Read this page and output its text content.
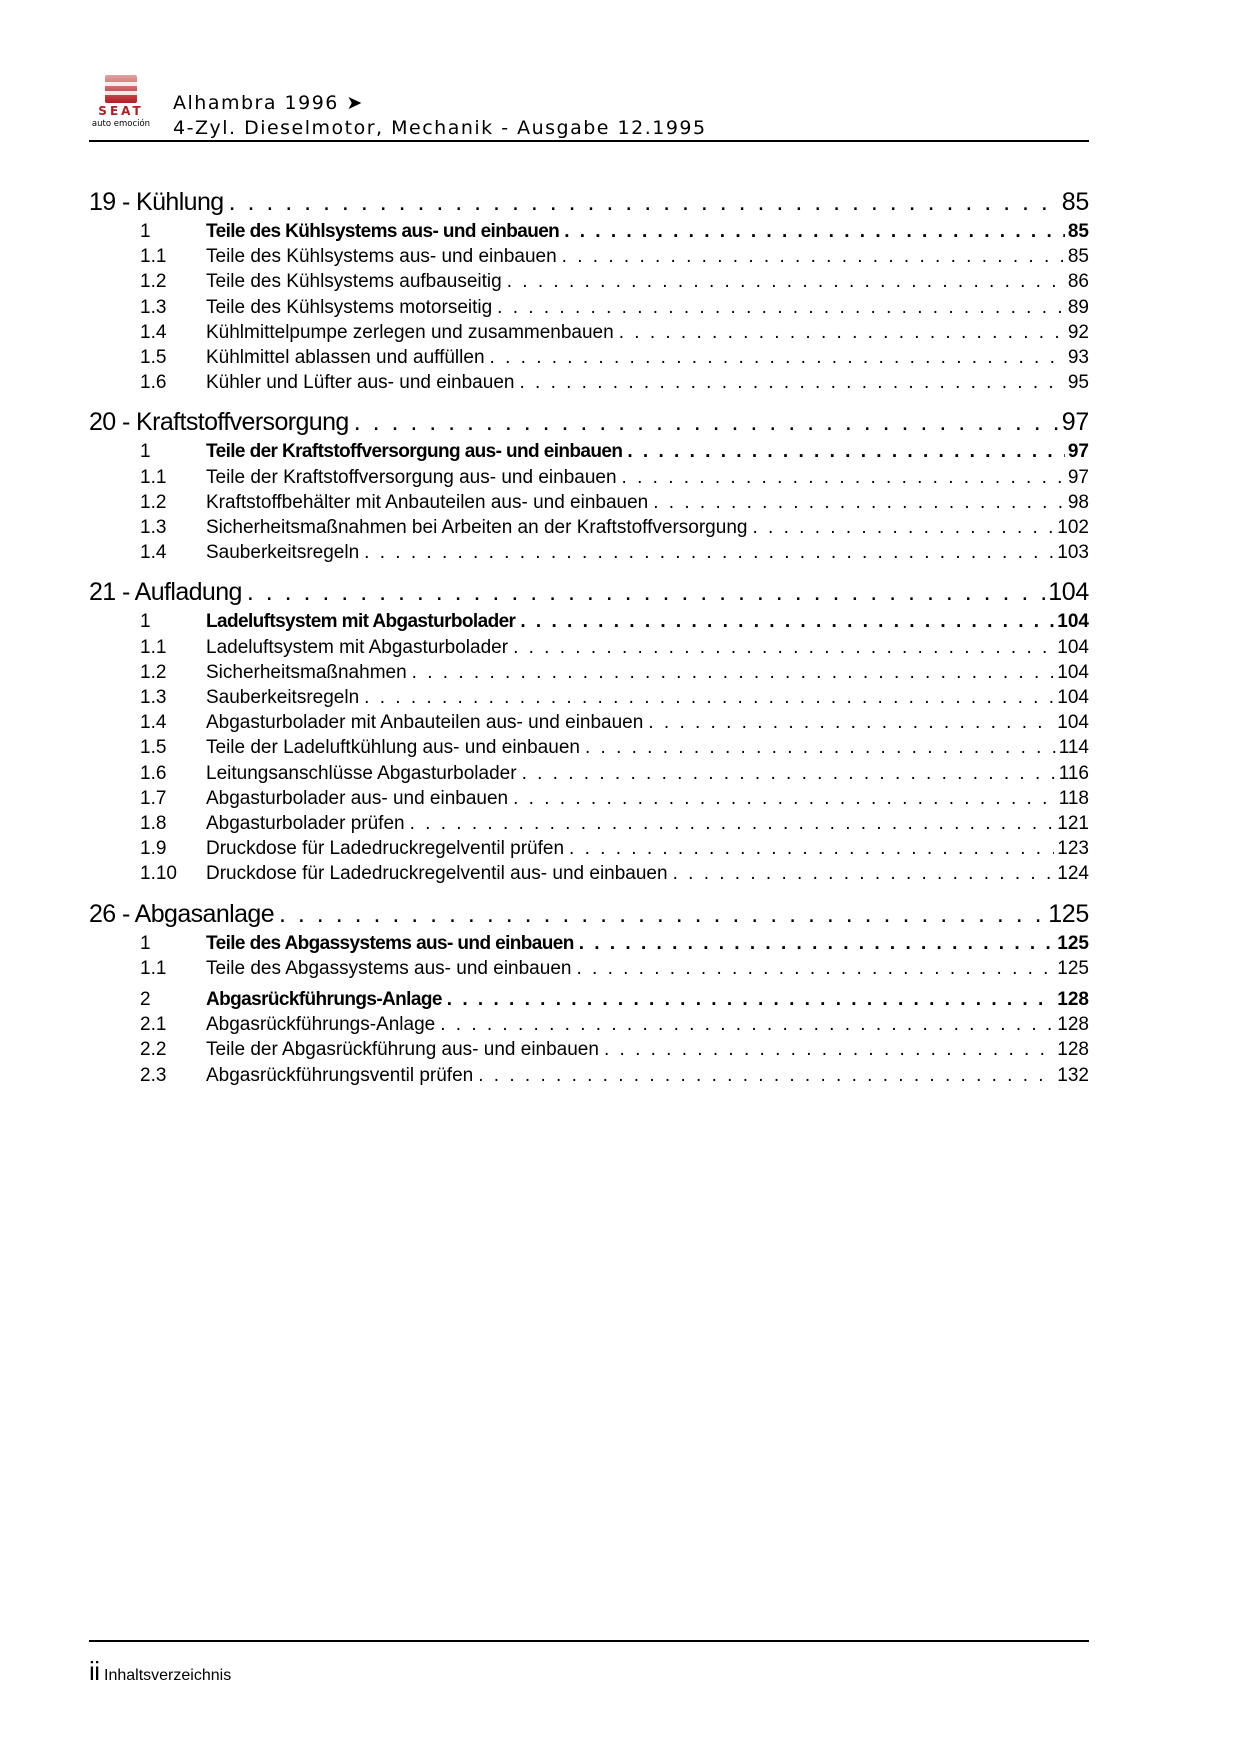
SEAT
auto emoción
Alhambra 1996 ➤
4-Zyl. Dieselmotor, Mechanik - Ausgabe 12.1995
19 - Kühlung . . .	85
1	Teile des Kühlsystems aus- und einbauen . . .	85
1.1	Teile des Kühlsystems aus- und einbauen . . .	85
1.2	Teile des Kühlsystems aufbauseitig . . .	86
1.3	Teile des Kühlsystems motorseitig . . .	89
1.4	Kühlmittelpumpe zerlegen und zusammenbauen . . .	92
1.5	Kühlmittel ablassen und auffüllen . . .	93
1.6	Kühler und Lüfter aus- und einbauen . . .	95
20 - Kraftstoffversorgung . . .	97
1	Teile der Kraftstoffversorgung aus- und einbauen . . .	97
1.1	Teile der Kraftstoffversorgung aus- und einbauen . . .	97
1.2	Kraftstoffbehälter mit Anbauteilen aus- und einbauen . . .	98
1.3	Sicherheitsmaßnahmen bei Arbeiten an der Kraftstoffversorgung . . .	102
1.4	Sauberkeitsregeln . . .	103
21 - Aufladung . . .	104
1	Ladeluftsystem mit Abgasturbolader . . .	104
1.1	Ladeluftsystem mit Abgasturbolader . . .	104
1.2	Sicherheitsmaßnahmen . . .	104
1.3	Sauberkeitsregeln . . .	104
1.4	Abgasturbolader mit Anbauteilen aus- und einbauen . . .	104
1.5	Teile der Ladeluftkühlung aus- und einbauen . . .	114
1.6	Leitungsanschlüsse Abgasturbolader . . .	116
1.7	Abgasturbolader aus- und einbauen . . .	118
1.8	Abgasturbolader prüfen . . .	121
1.9	Druckdose für Ladedruckregelventil prüfen . . .	123
1.10	Druckdose für Ladedruckregelventil aus- und einbauen . . .	124
26 - Abgasanlage . . .	125
1	Teile des Abgassystems aus- und einbauen . . .	125
1.1	Teile des Abgassystems aus- und einbauen . . .	125
2	Abgasrückführungs-Anlage . . .	128
2.1	Abgasrückführungs-Anlage . . .	128
2.2	Teile der Abgasrückführung aus- und einbauen . . .	128
2.3	Abgasrückführungsventil prüfen . . .	132
ii Inhaltsverzeichnis
